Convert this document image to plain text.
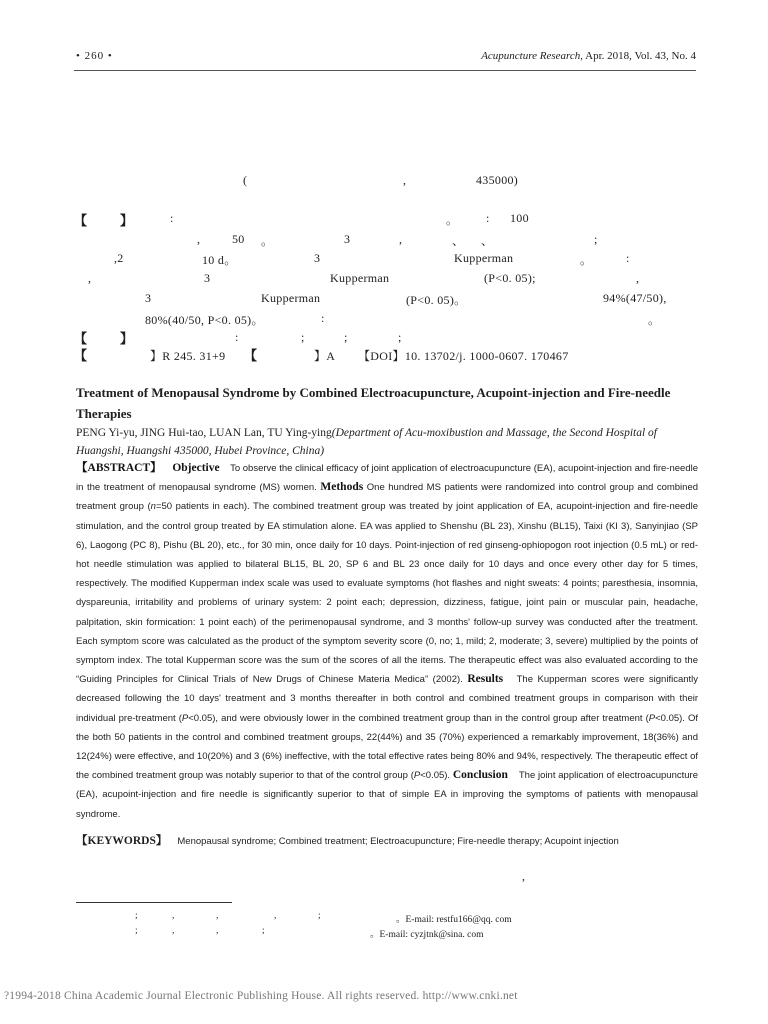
• 260 •	Acupuncture Research, Apr. 2018, Vol. 43, No. 4
(	,	435000)
【	】	:	。 : 100
,	50 。	3	,	、 、	;
,2	10 d。	3	Kupperman	。	:
,	3	Kupperman	(P<0. 05);	,
3	Kupperman	(P<0. 05)。	94%(47/50),
80%(40/50, P<0. 05)。	:	。
【	】	:	;	;	;
【	】R 245. 31+9 【	】A 【DOI】10. 13702/j. 1000-0607. 170467
Treatment of Menopausal Syndrome by Combined Electroacupuncture, Acupoint-injection and Fire-needle Therapies
PENG Yi-yu, JING Hui-tao, LUAN Lan, TU Ying-ying(Department of Acu-moxibustion and Massage, the Second Hospital of Huangshi, Huangshi 435000, Hubei Province, China)
【ABSTRACT】 Objective To observe the clinical efficacy of joint application of electroacupuncture (EA), acupoint-injection and fire-needle in the treatment of menopausal syndrome (MS) women. Methods One hundred MS patients were randomized into control group and combined treatment group (n=50 patients in each). The combined treatment group was treated by joint application of EA, acupoint-injection and fire-needle stimulation, and the control group treated by EA stimulation alone. EA was applied to Shenshu (BL 23), Xinshu (BL15), Taixi (KI 3), Sanyinjiao (SP 6), Laogong (PC 8), Pishu (BL 20), etc., for 30 min, once daily for 10 days. Point-injection of red ginseng-ophiopogon root injection (0.5 mL) or red-hot needle stimulation was applied to bilateral BL15, BL 20, SP 6 and BL 23 once daily for 10 days and once every other day for 5 times, respectively. The modified Kupperman index scale was used to evaluate symptoms (hot flashes and night sweats: 4 points; paresthesia, insomnia, dyspareunia, irritability and problems of urinary system: 2 point each; depression, dizziness, fatigue, joint pain or muscular pain, headache, palpitation, skin formication: 1 point each) of the perimenopausal syndrome, and 3 months' follow-up survey was conducted after the treatment. Each symptom score was calculated as the product of the symptom severity score (0, no; 1, mild; 2, moderate; 3, severe) multiplied by the points of symptom index. The total Kupperman score was the sum of the scores of all the items. The therapeutic effect was also evaluated according to the “Guiding Principles for Clinical Trials of New Drugs of Chinese Materia Medica” (2002). Results The Kupperman scores were significantly decreased following the 10 days' treatment and 3 months thereafter in both control and combined treatment groups in comparison with their individual pre-treatment (P<0.05), and were obviously lower in the combined treatment group than in the control group after treatment (P<0.05). Of the both 50 patients in the control and combined treatment groups, 22(44%) and 35 (70%) experienced a remarkably improvement, 18(36%) and 12(24%) were effective, and 10(20%) and 3 (6%) ineffective, with the total effective rates being 80% and 94%, respectively. The therapeutic effect of the combined treatment group was notably superior to that of the control group (P<0.05). Conclusion The joint application of electroacupuncture (EA), acupoint-injection and fire needle is significantly superior to that of simple EA in improving the symptoms of patients with menopausal syndrome.
【KEYWORDS】 Menopausal syndrome; Combined treatment; Electroacupuncture; Fire-needle therapy; Acupoint injection
,
;	,	,	,	;	。E-mail: restfu166@qq. com
;	,	,	;	。E-mail: cyzjtnk@sina. com
?1994-2018 China Academic Journal Electronic Publishing House. All rights reserved. http://www.cnki.net
